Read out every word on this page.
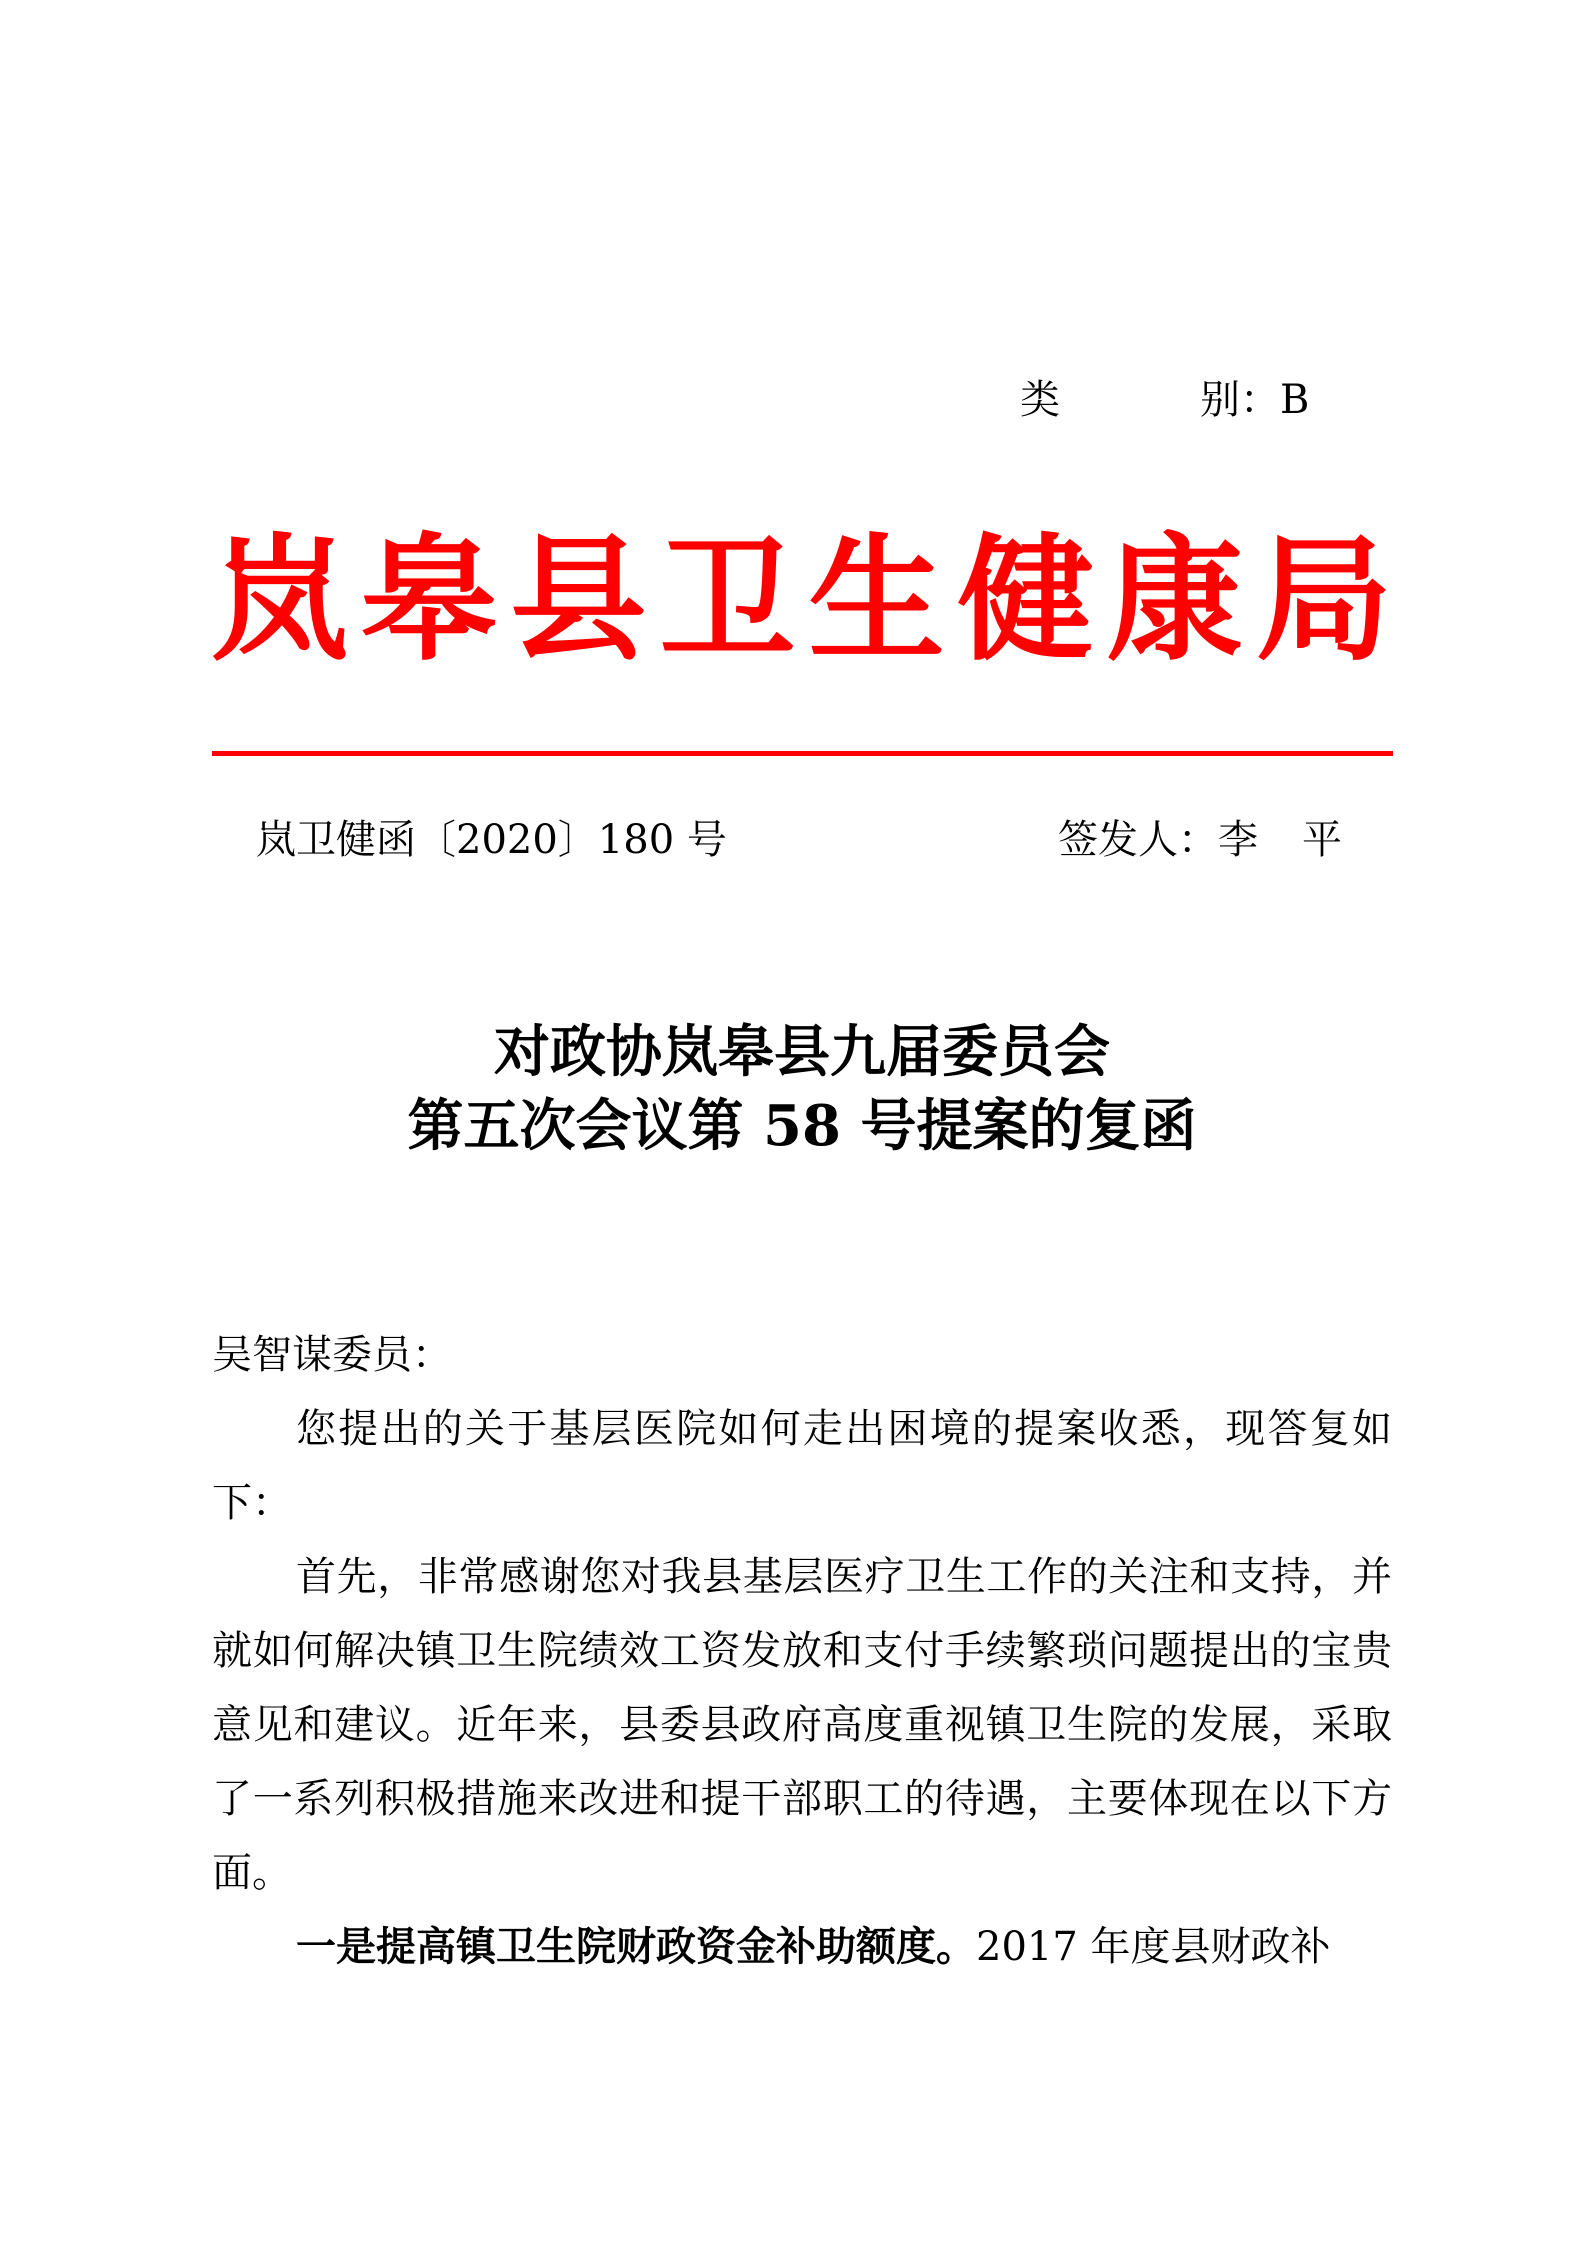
类	别：B
岚 皋 县 卫 生 健 康 局
岚卫健函〔2020〕180 号	签发人：李 平
对政协岚皋县九届委员会
第五次会议第 58 号提案的复函

吴智谋委员：

您提出的关于基层医院如何走出困境的提案收悉，现答复如下：

首先，非常感谢您对我县基层医疗卫生工作的关注和支持，并就如何解决镇卫生院绩效工资发放和支付手续繁琐问题提出的宝贵意见和建议。近年来，县委县政府高度重视镇卫生院的发展，采取了一系列积极措施来改进和提干部职工的待遇，主要体现在以下方面。

一是提高镇卫生院财政资金补助额度。2017 年度县财政补
